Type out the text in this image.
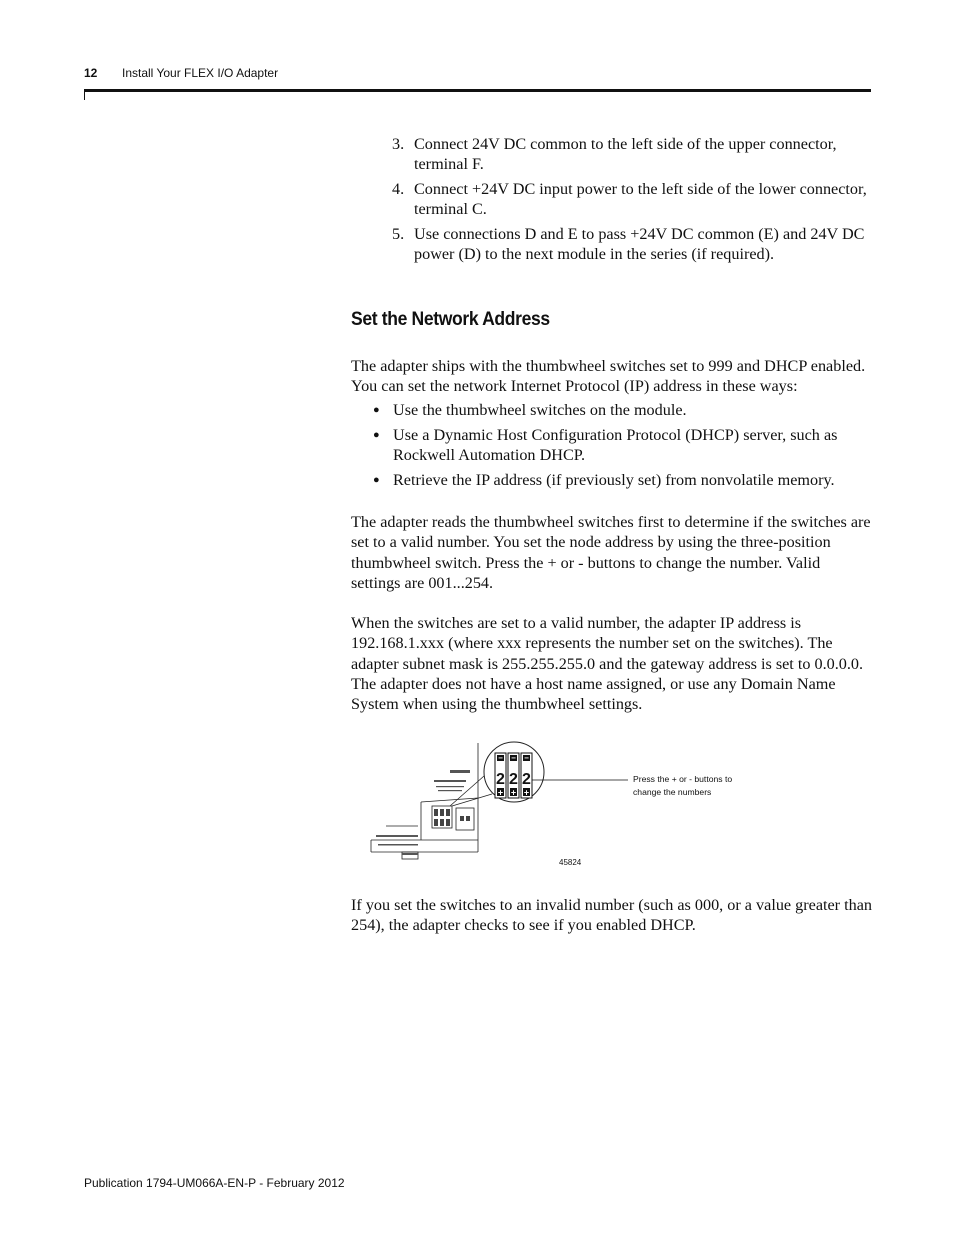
12 Install Your FLEX I/O Adapter
3. Connect 24V DC common to the left side of the upper connector, terminal F.
4. Connect +24V DC input power to the left side of the lower connector, terminal C.
5. Use connections D and E to pass +24V DC common (E) and 24V DC power (D) to the next module in the series (if required).
Set the Network Address

The adapter ships with the thumbwheel switches set to 999 and DHCP enabled. You can set the network Internet Protocol (IP) address in these ways:

● Use the thumbwheel switches on the module.
● Use a Dynamic Host Configuration Protocol (DHCP) server, such as Rockwell Automation DHCP.
● Retrieve the IP address (if previously set) from nonvolatile memory.

The adapter reads the thumbwheel switches first to determine if the switches are set to a valid number. You set the node address by using the three-position thumbwheel switch. Press the + or - buttons to change the number. Valid settings are 001...254.

When the switches are set to a valid number, the adapter IP address is 192.168.1.xxx (where xxx represents the number set on the switches). The adapter subnet mask is 255.255.255.0 and the gateway address is set to 0.0.0.0. The adapter does not have a host name assigned, or use any Domain Name System when using the thumbwheel settings.

− − −
2 2 2
+ + +
45824
Press the + or - buttons to
change the numbers

If you set the switches to an invalid number (such as 000, or a value greater than 254), the adapter checks to see if you enabled DHCP.

Publication 1794-UM066A-EN-P - February 2012
